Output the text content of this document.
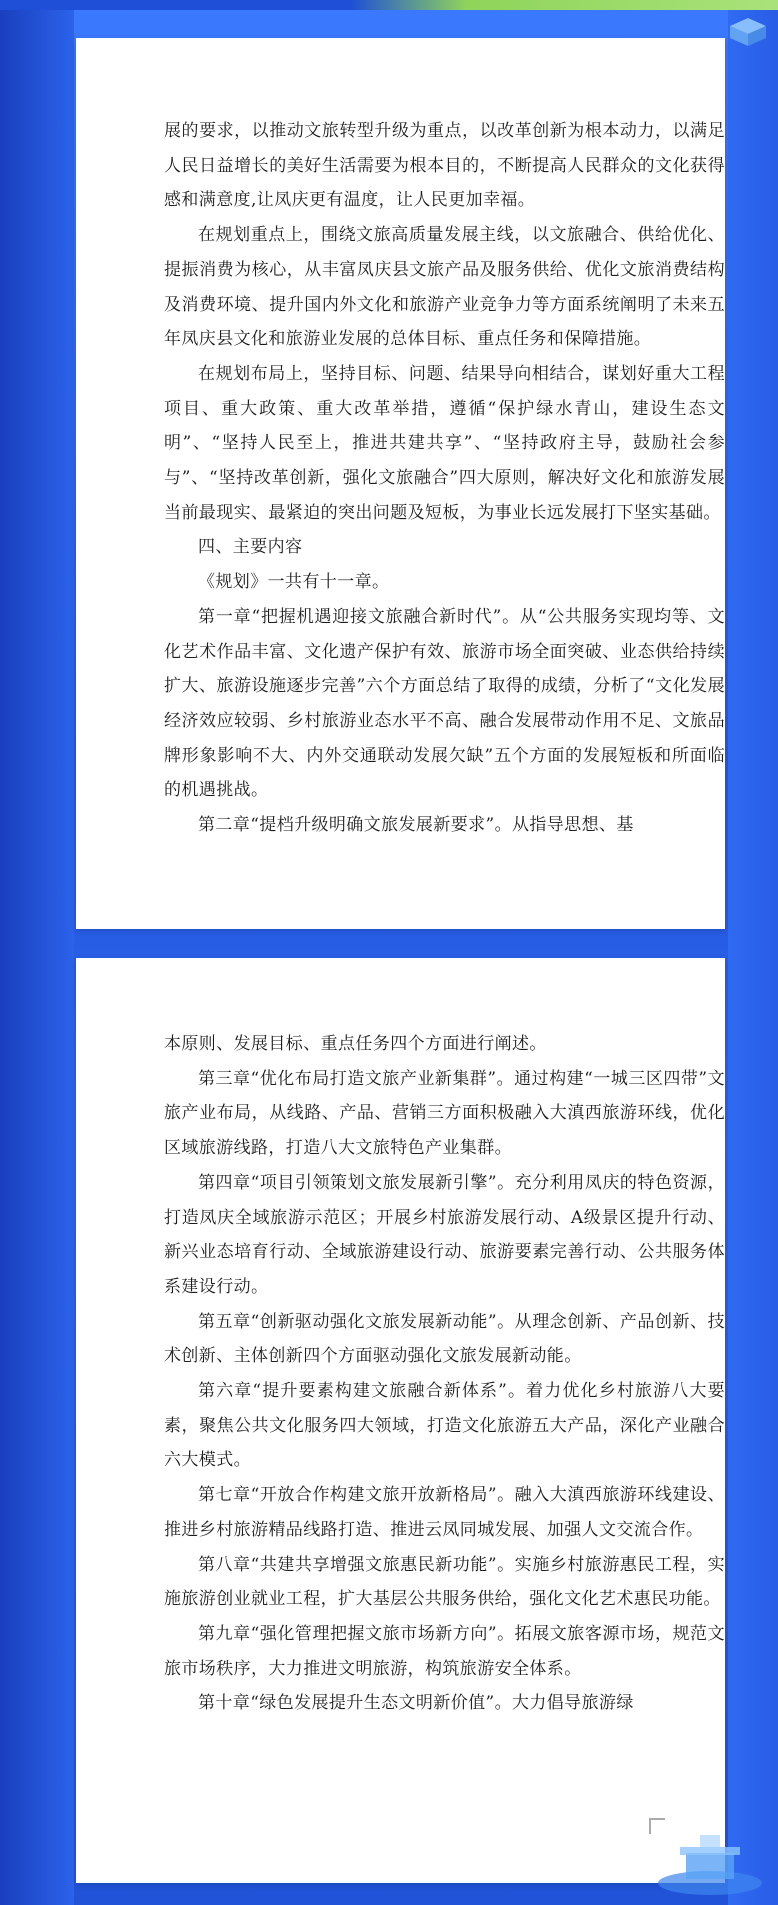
展的要求，以推动文旅转型升级为重点，以改革创新为根本动力，以满足人民日益增长的美好生活需要为根本目的，不断提高人民群众的文化获得感和满意度,让凤庆更有温度，让人民更加幸福。

在规划重点上，围绕文旅高质量发展主线，以文旅融合、供给优化、提振消费为核心，从丰富凤庆县文旅产品及服务供给、优化文旅消费结构及消费环境、提升国内外文化和旅游产业竞争力等方面系统阐明了未来五年凤庆县文化和旅游业发展的总体目标、重点任务和保障措施。

在规划布局上，坚持目标、问题、结果导向相结合，谋划好重大工程项目、重大政策、重大改革举措，遵循“保护绿水青山，建设生态文明”、“坚持人民至上，推进共建共享”、“坚持政府主导，鼓励社会参与”、“坚持改革创新，强化文旅融合”四大原则，解决好文化和旅游发展当前最现实、最紧迫的突出问题及短板，为事业长远发展打下坚实基础。

四、主要内容

《规划》一共有十一章。

第一章“把握机遇迎接文旅融合新时代”。从“公共服务实现均等、文化艺术作品丰富、文化遗产保护有效、旅游市场全面突破、业态供给持续扩大、旅游设施逐步完善”六个方面总结了取得的成绩，分析了“文化发展经济效应较弱、乡村旅游业态水平不高、融合发展带动作用不足、文旅品牌形象影响不大、内外交通联动发展欠缺”五个方面的发展短板和所面临的机遇挑战。

第二章“提档升级明确文旅发展新要求”。从指导思想、基

本原则、发展目标、重点任务四个方面进行阐述。

第三章“优化布局打造文旅产业新集群”。通过构建“一城三区四带”文旅产业布局，从线路、产品、营销三方面积极融入大滇西旅游环线，优化区域旅游线路，打造八大文旅特色产业集群。

第四章“项目引领策划文旅发展新引擎”。充分利用凤庆的特色资源，打造凤庆全域旅游示范区；开展乡村旅游发展行动、A级景区提升行动、新兴业态培育行动、全域旅游建设行动、旅游要素完善行动、公共服务体系建设行动。

第五章“创新驱动强化文旅发展新动能”。从理念创新、产品创新、技术创新、主体创新四个方面驱动强化文旅发展新动能。

第六章“提升要素构建文旅融合新体系”。着力优化乡村旅游八大要素，聚焦公共文化服务四大领域，打造文化旅游五大产品，深化产业融合六大模式。

第七章“开放合作构建文旅开放新格局”。融入大滇西旅游环线建设、推进乡村旅游精品线路打造、推进云凤同城发展、加强人文交流合作。

第八章“共建共享增强文旅惠民新功能”。实施乡村旅游惠民工程，实施旅游创业就业工程，扩大基层公共服务供给，强化文化艺术惠民功能。

第九章“强化管理把握文旅市场新方向”。拓展文旅客源市场，规范文旅市场秩序，大力推进文明旅游，构筑旅游安全体系。

第十章“绿色发展提升生态文明新价值”。大力倡导旅游绿
